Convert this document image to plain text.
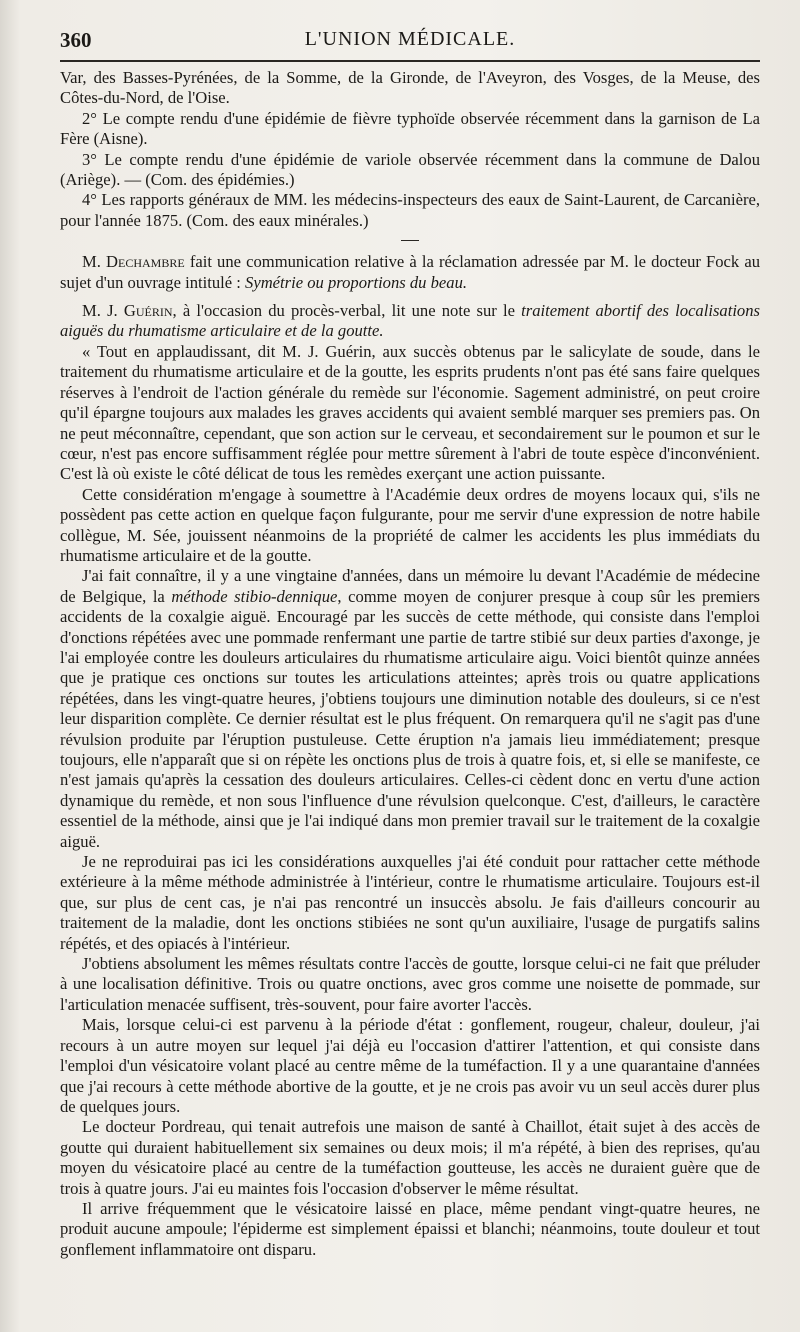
360	L'UNION MÉDICALE.

Var, des Basses-Pyrénées, de la Somme, de la Gironde, de l'Aveyron, des Vosges, de la Meuse, des Côtes-du-Nord, de l'Oise.

2° Le compte rendu d'une épidémie de fièvre typhoïde observée récemment dans la garnison de La Fère (Aisne).

3° Le compte rendu d'une épidémie de variole observée récemment dans la commune de Dalou (Ariège). — (Com. des épidémies.)

4° Les rapports généraux de MM. les médecins-inspecteurs des eaux de Saint-Laurent, de Carcanière, pour l'année 1875. (Com. des eaux minérales.)

M. Dechambre fait une communication relative à la réclamation adressée par M. le docteur Fock au sujet d'un ouvrage intitulé : Symétrie ou proportions du beau.

M. J. Guérin, à l'occasion du procès-verbal, lit une note sur le traitement abortif des localisations aiguës du rhumatisme articulaire et de la goutte.

« Tout en applaudissant, dit M. J. Guérin, aux succès obtenus par le salicylate de soude, dans le traitement du rhumatisme articulaire et de la goutte, les esprits prudents n'ont pas été sans faire quelques réserves à l'endroit de l'action générale du remède sur l'économie. Sagement administré, on peut croire qu'il épargne toujours aux malades les graves accidents qui avaient semblé marquer ses premiers pas. On ne peut méconnaître, cependant, que son action sur le cerveau, et secondairement sur le poumon et sur le cœur, n'est pas encore suffisamment réglée pour mettre sûrement à l'abri de toute espèce d'inconvénient. C'est là où existe le côté délicat de tous les remèdes exerçant une action puissante.

Cette considération m'engage à soumettre à l'Académie deux ordres de moyens locaux qui, s'ils ne possèdent pas cette action en quelque façon fulgurante, pour me servir d'une expression de notre habile collègue, M. Sée, jouissent néanmoins de la propriété de calmer les accidents les plus immédiats du rhumatisme articulaire et de la goutte.

J'ai fait connaître, il y a une vingtaine d'années, dans un mémoire lu devant l'Académie de médecine de Belgique, la méthode stibio-dennique, comme moyen de conjurer presque à coup sûr les premiers accidents de la coxalgie aiguë. Encouragé par les succès de cette méthode, qui consiste dans l'emploi d'onctions répétées avec une pommade renfermant une partie de tartre stibié sur deux parties d'axonge, je l'ai employée contre les douleurs articulaires du rhumatisme articulaire aigu. Voici bientôt quinze années que je pratique ces onctions sur toutes les articulations atteintes; après trois ou quatre applications répétées, dans les vingt-quatre heures, j'obtiens toujours une diminution notable des douleurs, si ce n'est leur disparition complète. Ce dernier résultat est le plus fréquent. On remarquera qu'il ne s'agit pas d'une révulsion produite par l'éruption pustuleuse. Cette éruption n'a jamais lieu immédiatement; presque toujours, elle n'apparaît que si on répète les onctions plus de trois à quatre fois, et, si elle se manifeste, ce n'est jamais qu'après la cessation des douleurs articulaires. Celles-ci cèdent donc en vertu d'une action dynamique du remède, et non sous l'influence d'une révulsion quelconque. C'est, d'ailleurs, le caractère essentiel de la méthode, ainsi que je l'ai indiqué dans mon premier travail sur le traitement de la coxalgie aiguë.

Je ne reproduirai pas ici les considérations auxquelles j'ai été conduit pour rattacher cette méthode extérieure à la même méthode administrée à l'intérieur, contre le rhumatisme articulaire. Toujours est-il que, sur plus de cent cas, je n'ai pas rencontré un insuccès absolu. Je fais d'ailleurs concourir au traitement de la maladie, dont les onctions stibiées ne sont qu'un auxiliaire, l'usage de purgatifs salins répétés, et des opiacés à l'intérieur.

J'obtiens absolument les mêmes résultats contre l'accès de goutte, lorsque celui-ci ne fait que préluder à une localisation définitive. Trois ou quatre onctions, avec gros comme une noisette de pommade, sur l'articulation menacée suffisent, très-souvent, pour faire avorter l'accès.

Mais, lorsque celui-ci est parvenu à la période d'état : gonflement, rougeur, chaleur, douleur, j'ai recours à un autre moyen sur lequel j'ai déjà eu l'occasion d'attirer l'attention, et qui consiste dans l'emploi d'un vésicatoire volant placé au centre même de la tuméfaction. Il y a une quarantaine d'années que j'ai recours à cette méthode abortive de la goutte, et je ne crois pas avoir vu un seul accès durer plus de quelques jours.

Le docteur Pordreau, qui tenait autrefois une maison de santé à Chaillot, était sujet à des accès de goutte qui duraient habituellement six semaines ou deux mois; il m'a répété, à bien des reprises, qu'au moyen du vésicatoire placé au centre de la tuméfaction goutteuse, les accès ne duraient guère que de trois à quatre jours. J'ai eu maintes fois l'occasion d'observer le même résultat.

Il arrive fréquemment que le vésicatoire laissé en place, même pendant vingt-quatre heures, ne produit aucune ampoule; l'épiderme est simplement épaissi et blanchi; néanmoins, toute douleur et tout gonflement inflammatoire ont disparu.
